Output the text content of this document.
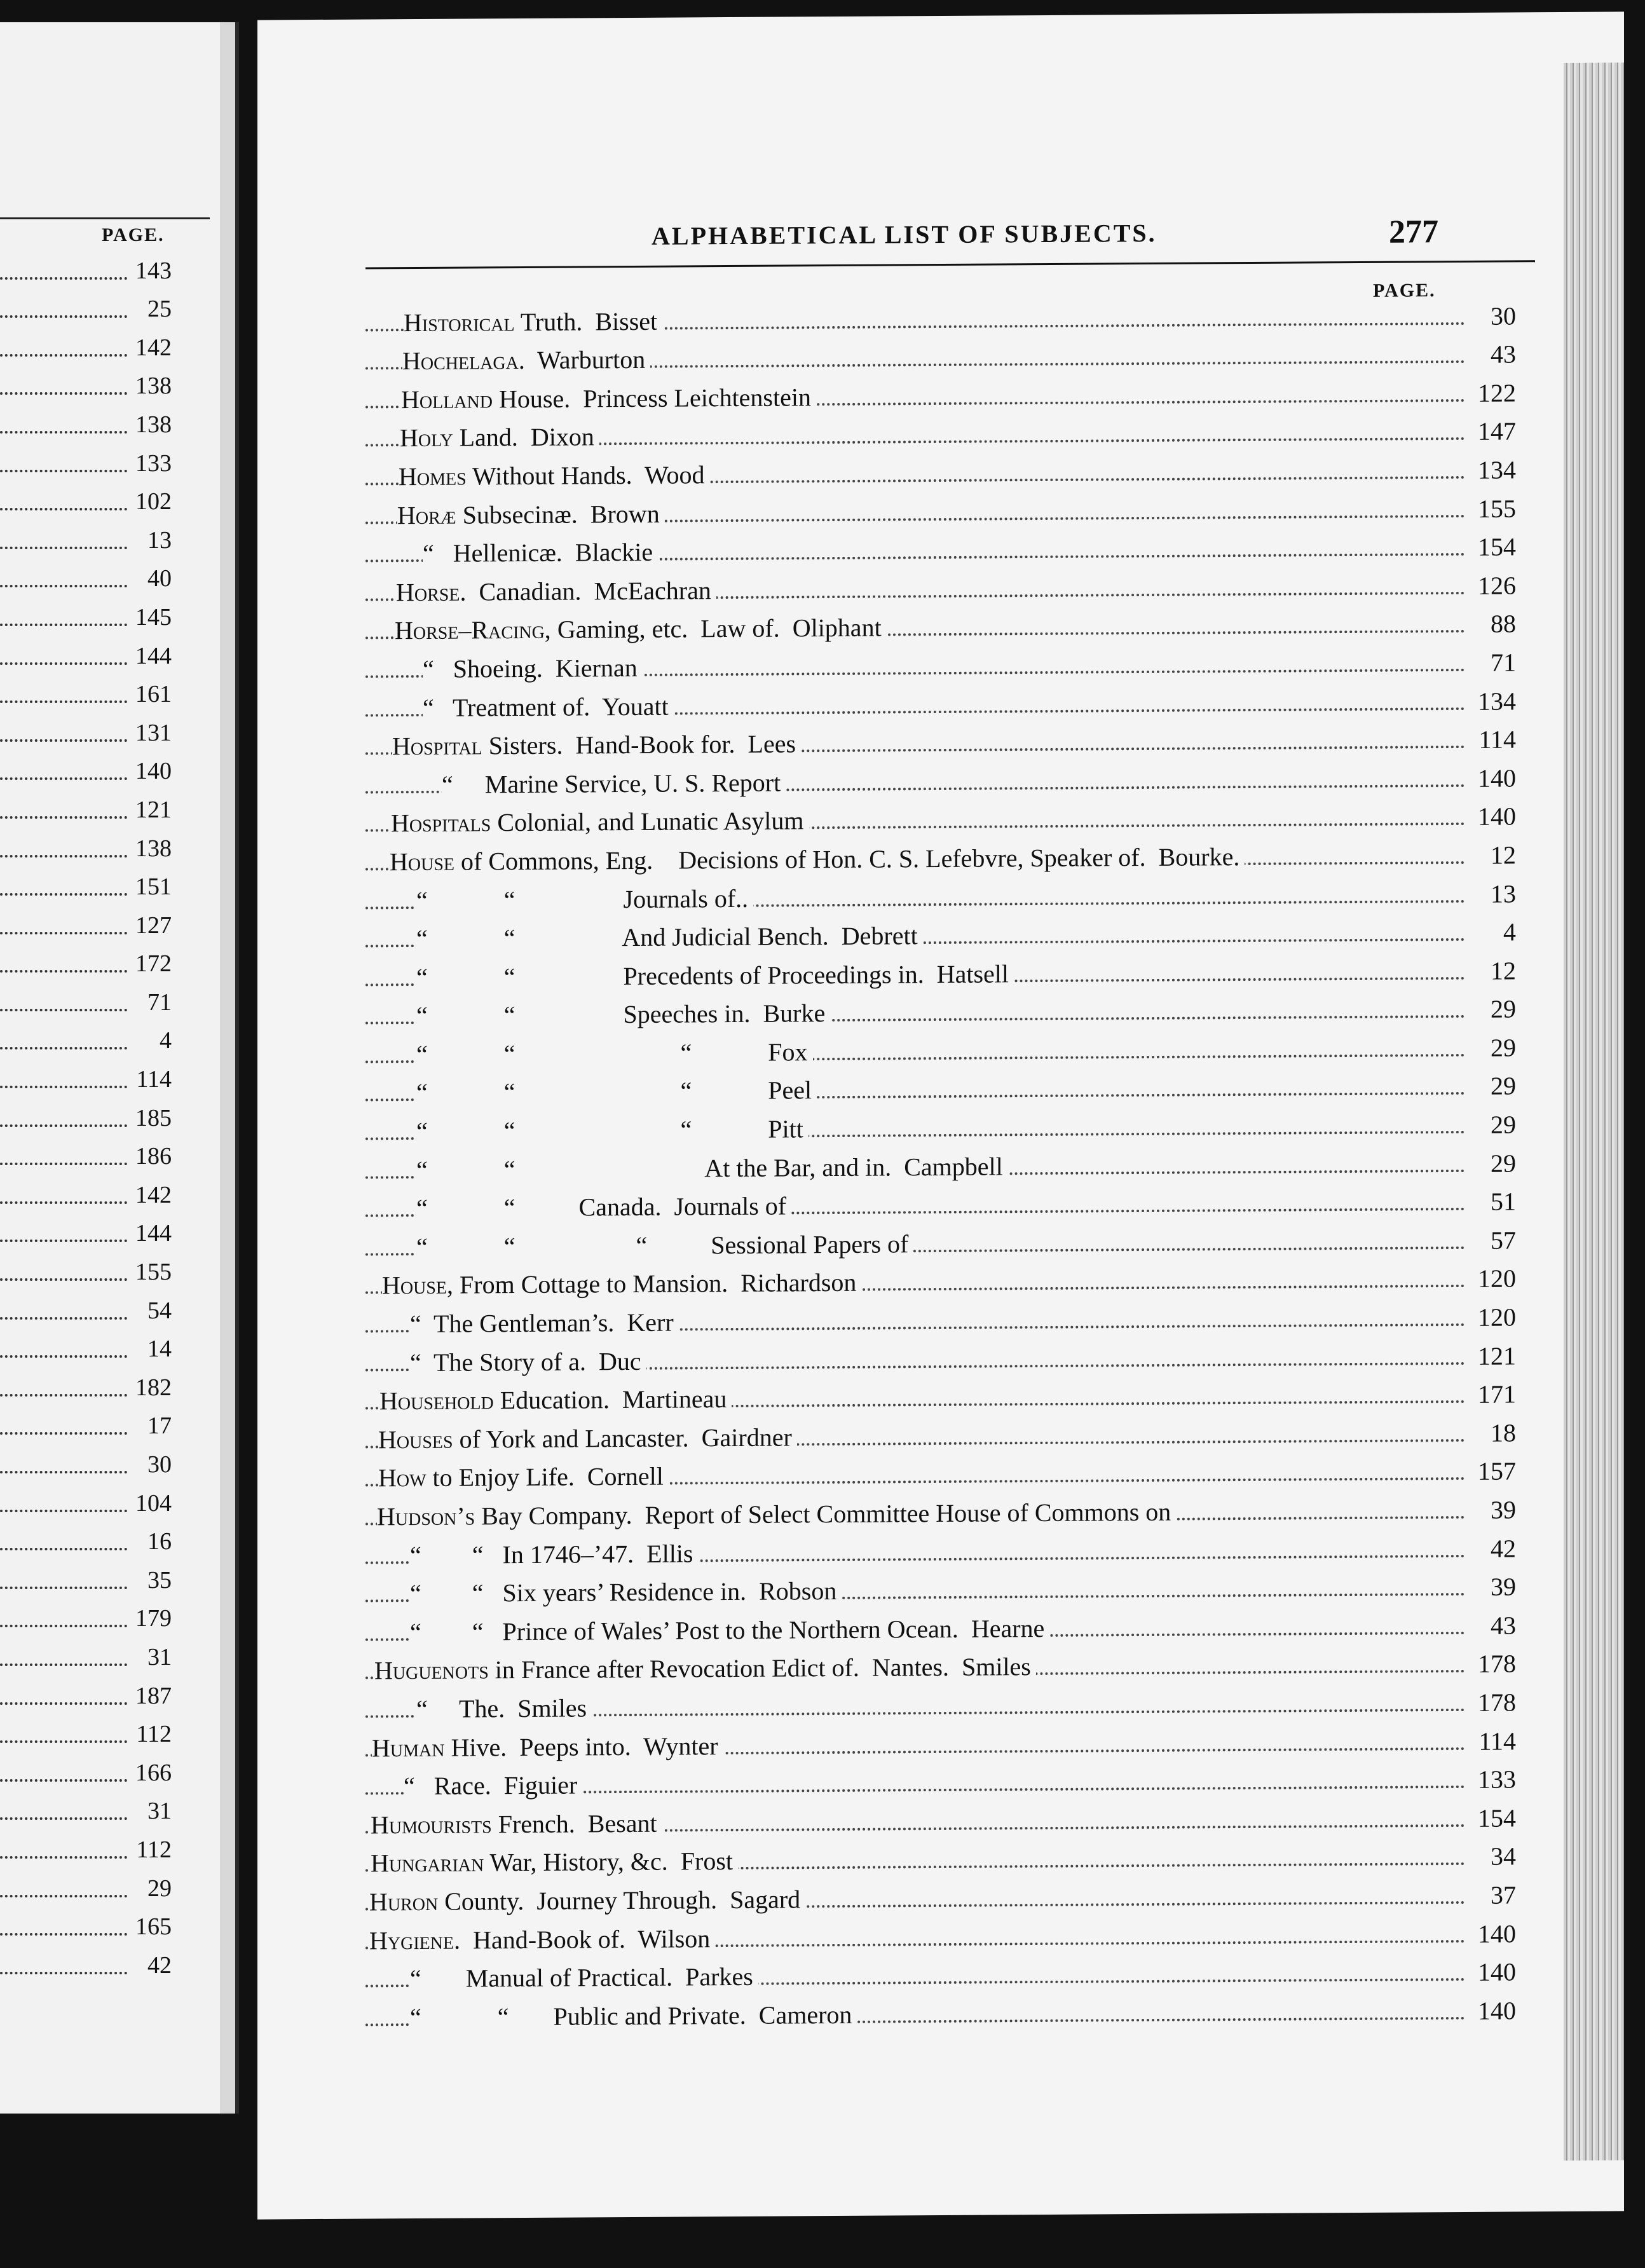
PAGE.
143
25
142
138
138
133
102
13
40
145
144
161
131
140
121
138
151
127
172
71
4
114
185
186
142
144
155
54
14
182
17
30
104
16
35
179
31
187
112
166
31
112
29
165
42
ALPHABETICAL LIST OF SUBJECTS.	277
PAGE.
Historical Truth.  Bisset	30
Hochelaga.  Warburton	43
Holland House.  Princess Leichtenstein	122
Holy Land.  Dixon	147
Homes Without Hands.  Wood	134
Horæ Subsecinæ.  Brown	155
“   Hellenicæ.  Blackie	154
Horse.  Canadian.  McEachran	126
Horse–Racing, Gaming, etc.  Law of.  Oliphant	88
“   Shoeing.  Kiernan	71
“   Treatment of.  Youatt	134
Hospital Sisters.  Hand-Book for.  Lees	114
“     Marine Service, U. S. Report	140
Hospitals Colonial, and Lunatic Asylum	140
House of Commons, Eng.    Decisions of Hon. C. S. Lefebvre, Speaker of.  Bourke.	12
“            “                 Journals of..	13
“            “                 And Judicial Bench.  Debrett	4
“            “                 Precedents of Proceedings in.  Hatsell	12
“            “                 Speeches in.  Burke	29
“            “                          “            Fox	29
“            “                          “            Peel	29
“            “                          “            Pitt	29
“            “                              At the Bar, and in.  Campbell	29
“            “          Canada.  Journals of	51
“            “                   “          Sessional Papers of	57
House, From Cottage to Mansion.  Richardson	120
“  The Gentleman’s.  Kerr	120
“  The Story of a.  Duc	121
Household Education.  Martineau	171
Houses of York and Lancaster.  Gairdner	18
How to Enjoy Life.  Cornell	157
Hudson’s Bay Company.  Report of Select Committee House of Commons on	39
“        “   In 1746–’47.  Ellis	42
“        “   Six years’ Residence in.  Robson	39
“        “   Prince of Wales’ Post to the Northern Ocean.  Hearne	43
Huguenots in France after Revocation Edict of.  Nantes.  Smiles	178
“     The.  Smiles	178
Human Hive.  Peeps into.  Wynter	114
“   Race.  Figuier	133
Humourists French.  Besant	154
Hungarian War, History, &c.  Frost	34
Huron County.  Journey Through.  Sagard	37
Hygiene.  Hand-Book of.  Wilson	140
“       Manual of Practical.  Parkes	140
“            “       Public and Private.  Cameron	140
